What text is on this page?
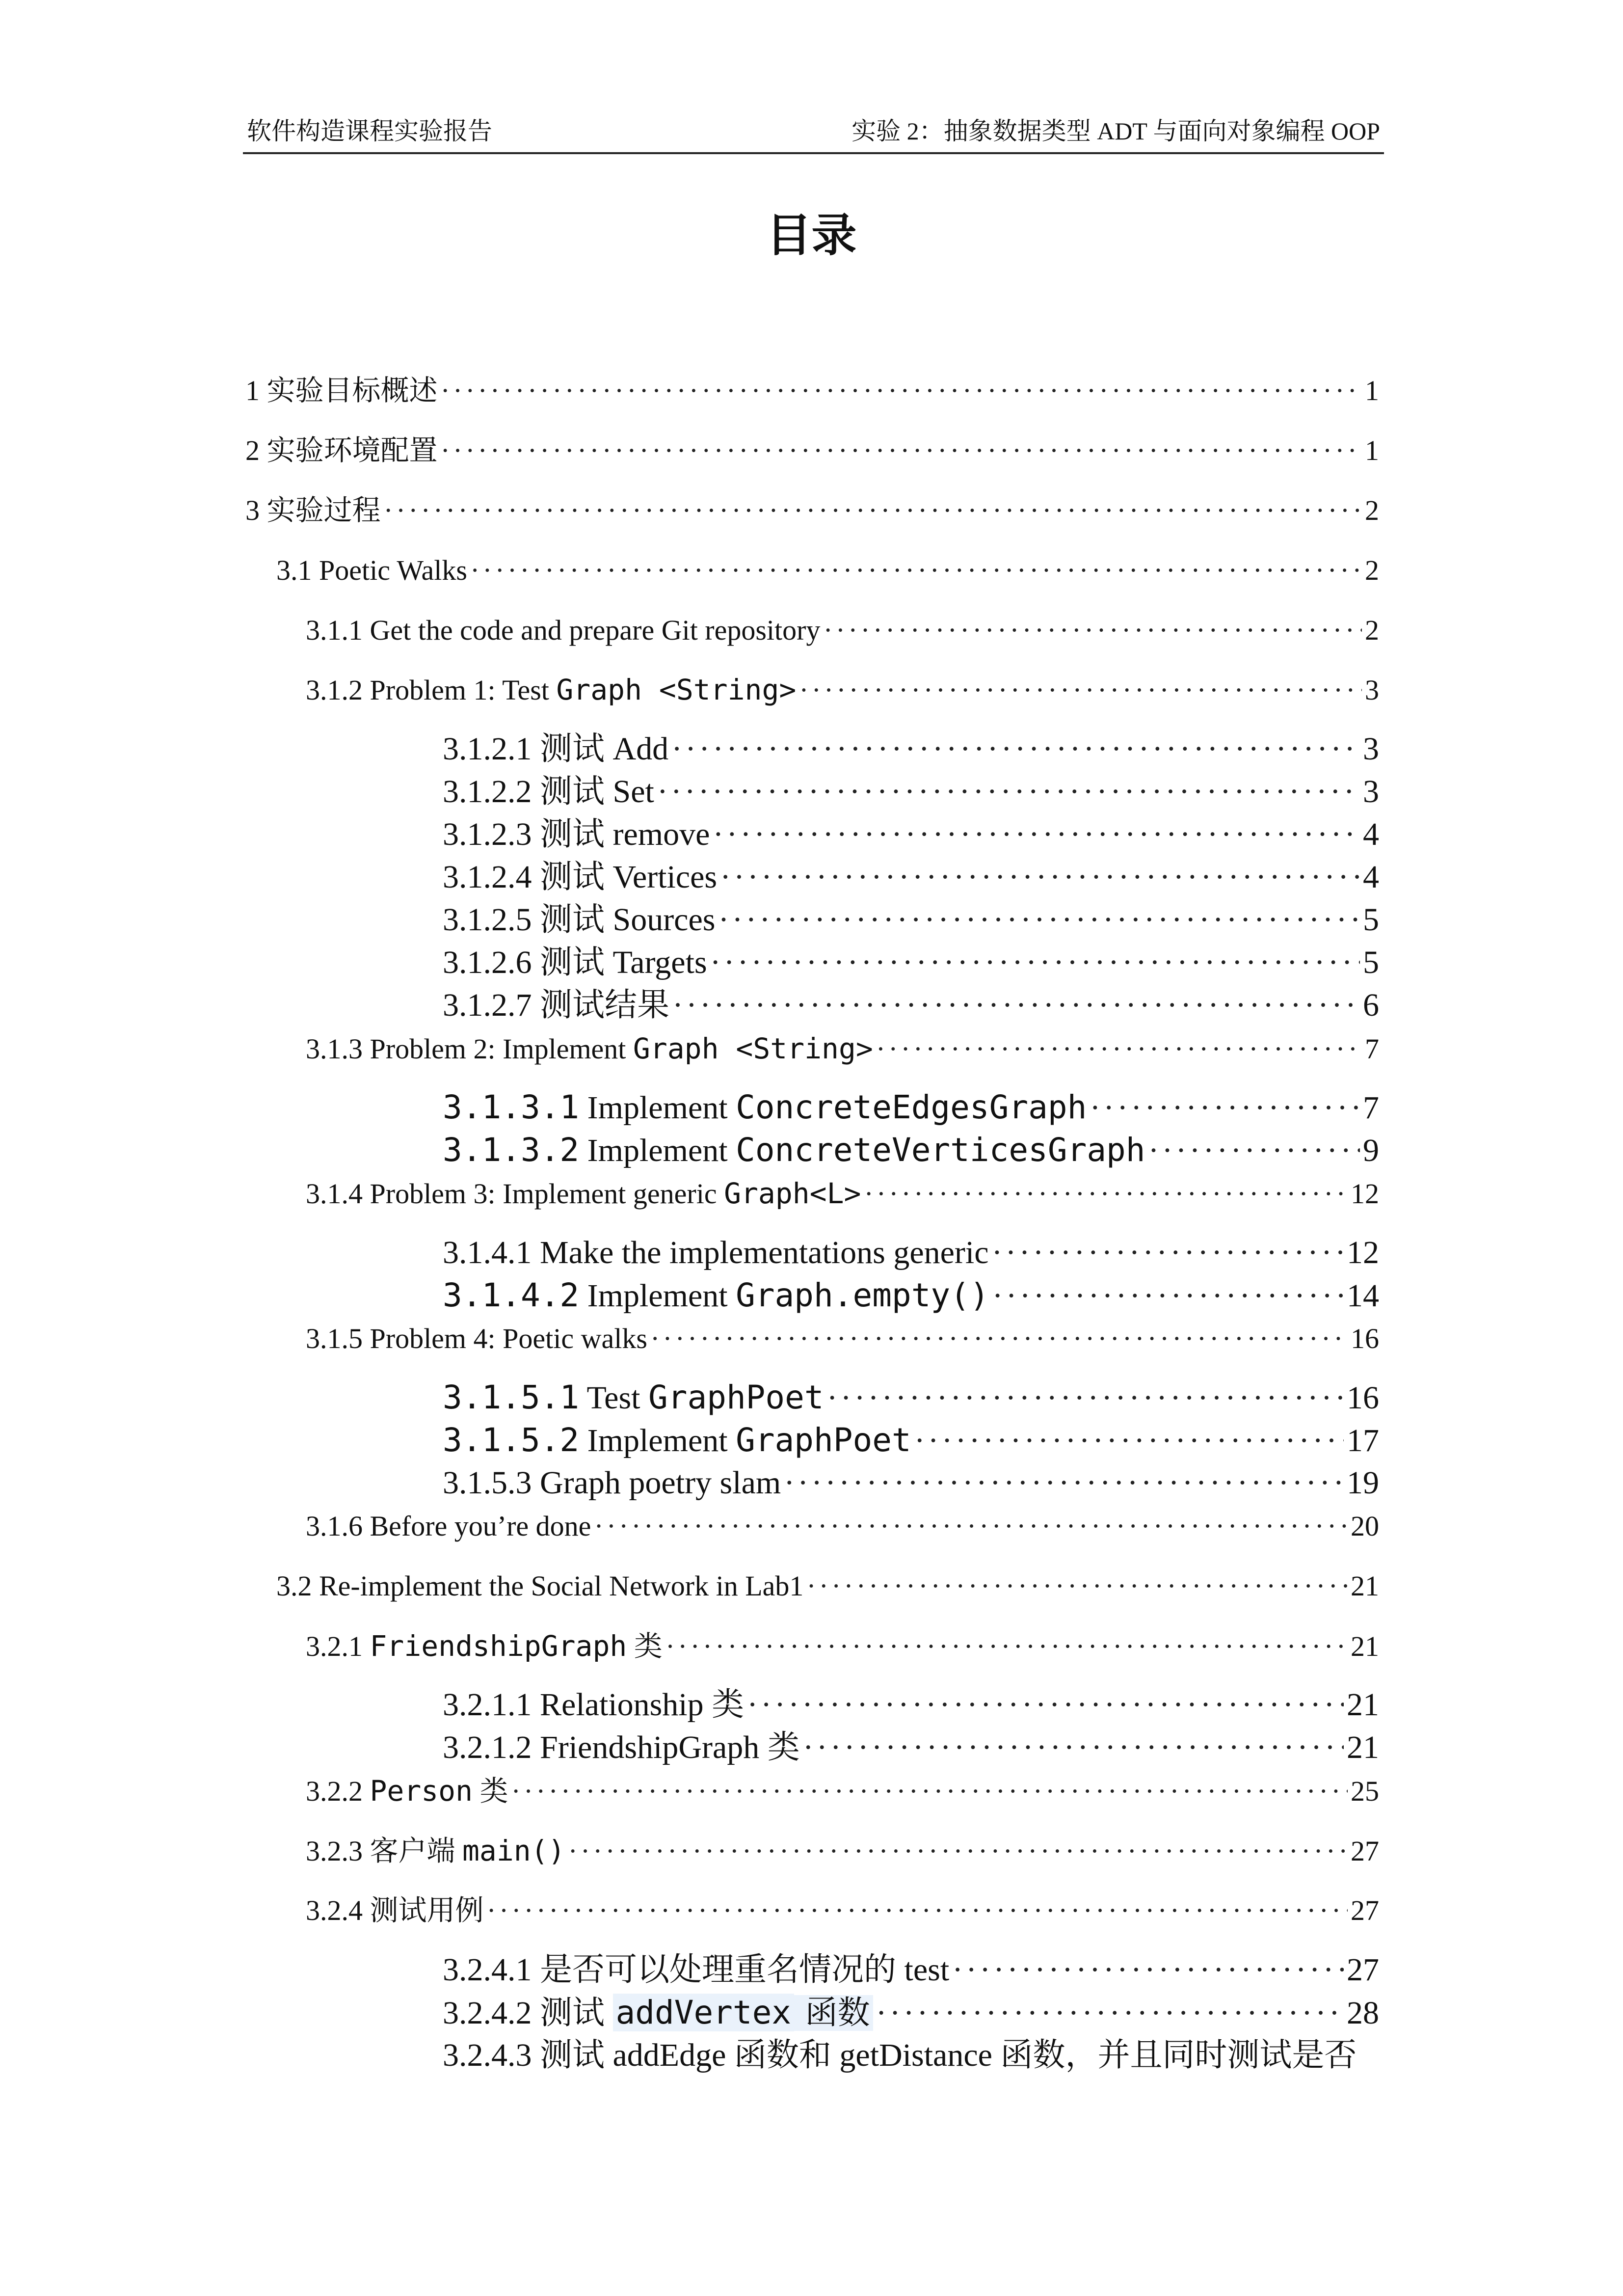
软件构造课程实验报告	实验 2：抽象数据类型 ADT 与面向对象编程 OOP
目录
1 实验目标概述 ·····	1
2 实验环境配置 ·····	1
3 实验过程 ·····	2
3.1 Poetic Walks ·····	2
3.1.1 Get the code and prepare Git repository ·····	2
3.1.2 Problem 1: Test Graph <String> ·····	3
3.1.2.1 测试 Add ·····	3
3.1.2.2 测试 Set ·····	3
3.1.2.3 测试 remove ·····	4
3.1.2.4 测试 Vertices ·····	4
3.1.2.5 测试 Sources ·····	5
3.1.2.6 测试 Targets ·····	5
3.1.2.7 测试结果 ·····	6
3.1.3 Problem 2: Implement Graph <String> ·····	7
3.1.3.1 Implement ConcreteEdgesGraph ·····	7
3.1.3.2 Implement ConcreteVerticesGraph ·····	9
3.1.4 Problem 3: Implement generic Graph<L> ·····	12
3.1.4.1 Make the implementations generic ·····	12
3.1.4.2 Implement Graph.empty() ·····	14
3.1.5 Problem 4: Poetic walks ·····	16
3.1.5.1 Test GraphPoet ·····	16
3.1.5.2 Implement GraphPoet ·····	17
3.1.5.3 Graph poetry slam ·····	19
3.1.6 Before you’re done ·····	20
3.2 Re-implement the Social Network in Lab1 ·····	21
3.2.1 FriendshipGraph 类 ·····	21
3.2.1.1 Relationship 类 ·····	21
3.2.1.2 FriendshipGraph 类 ·····	21
3.2.2 Person 类 ·····	25
3.2.3 客户端 main() ·····	27
3.2.4 测试用例 ·····	27
3.2.4.1 是否可以处理重名情况的 test ·····	27
3.2.4.2 测试 addVertex 函数 ·····	28
3.2.4.3 测试 addEdge 函数和 getDistance 函数，并且同时测试是否
